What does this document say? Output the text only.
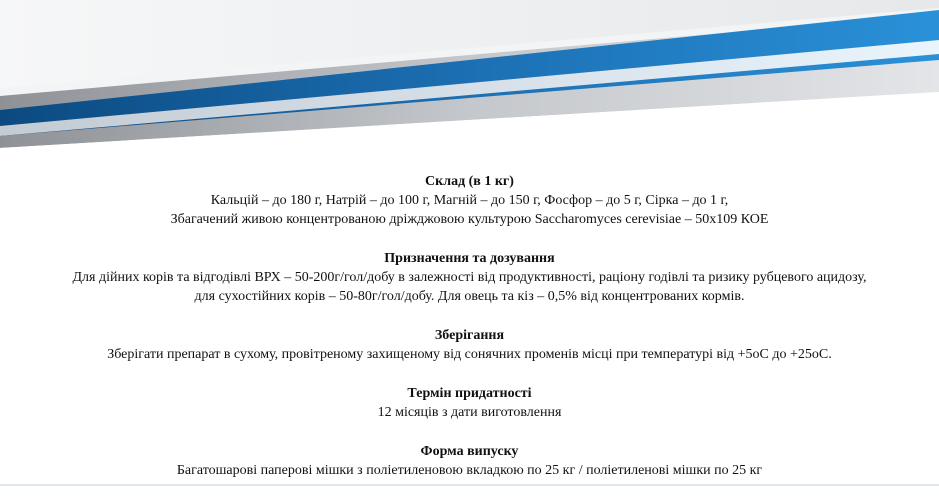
Склад (в 1 кг)

Кальцій – до 180 г, Натрій – до 100 г, Магній – до 150 г, Фосфор – до 5 г, Сірка – до 1 г,

Збагачений живою концентрованою дріжджовою культурою Saccharomyces cerevisiae – 50x109 КОЕ

Призначення та дозування

Для дійних корів та відгодівлі ВРХ – 50-200г/гол/добу в залежності від продуктивності, раціону годівлі та ризику рубцевого ацидозу,

для сухостійних корів – 50-80г/гол/добу. Для овець та кіз – 0,5% від концентрованих кормів.

Зберігання

Зберігати препарат в сухому, провітреному захищеному від сонячних променів місці при температурі від +5оС до +25оС.

Термін придатності

12 місяців з дати виготовлення

Форма випуску

Багатошарові паперові мішки з поліетиленовою вкладкою по 25 кг / поліетиленові мішки по 25 кг
